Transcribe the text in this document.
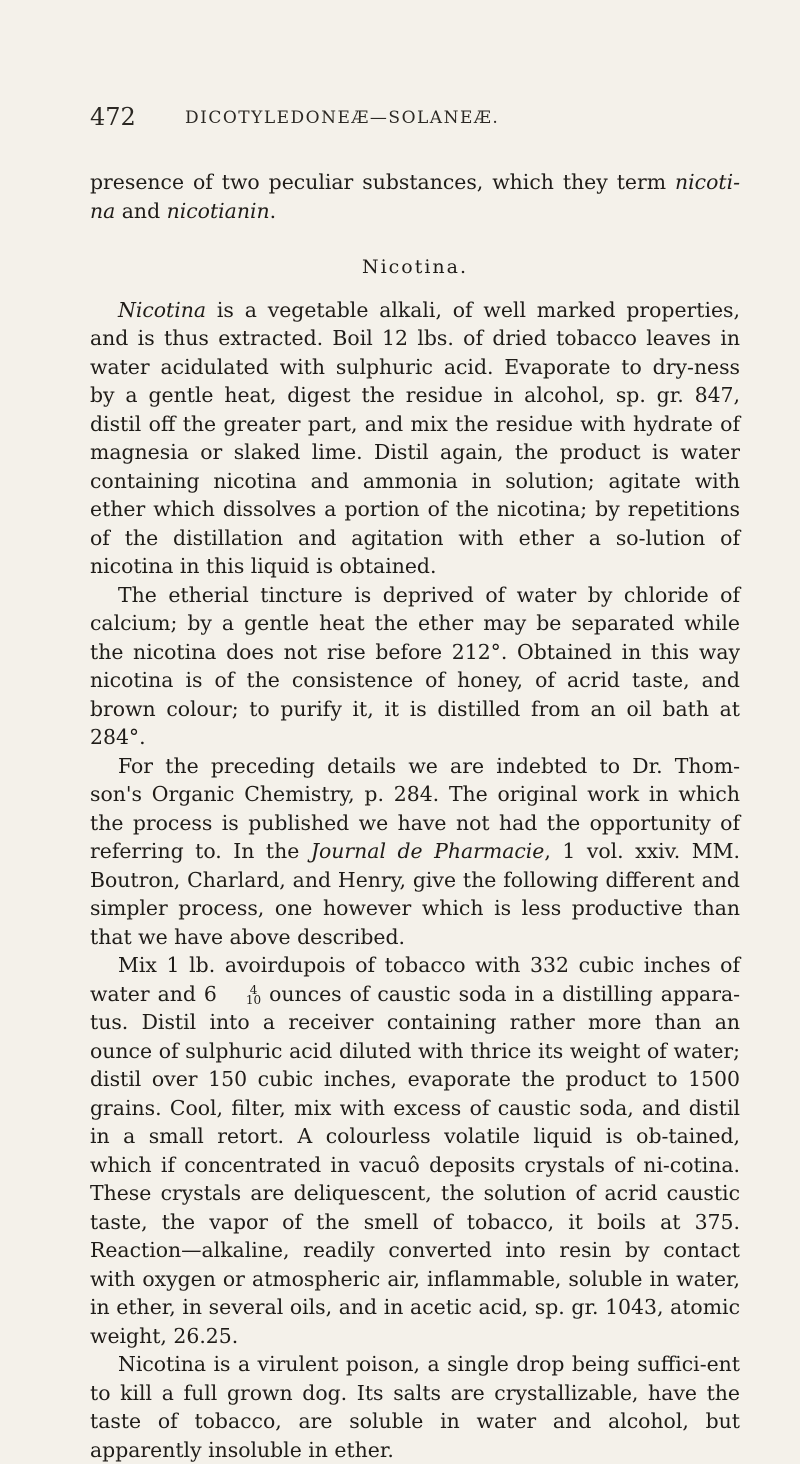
472	DICOTYLEDONEÆ—SOLANEÆ.

presence of two peculiar substances, which they term nicoti-na and nicotianin.

Nicotina.

Nicotina is a vegetable alkali, of well marked properties, and is thus extracted. Boil 12 lbs. of dried tobacco leaves in water acidulated with sulphuric acid. Evaporate to dry-ness by a gentle heat, digest the residue in alcohol, sp. gr. 847, distil off the greater part, and mix the residue with hydrate of magnesia or slaked lime. Distil again, the product is water containing nicotina and ammonia in solution; agitate with ether which dissolves a portion of the nicotina; by repetitions of the distillation and agitation with ether a so-lution of nicotina in this liquid is obtained.

The etherial tincture is deprived of water by chloride of calcium; by a gentle heat the ether may be separated while the nicotina does not rise before 212°. Obtained in this way nicotina is of the consistence of honey, of acrid taste, and brown colour; to purify it, it is distilled from an oil bath at 284°.

For the preceding details we are indebted to Dr. Thom-son's Organic Chemistry, p. 284. The original work in which the process is published we have not had the opportunity of referring to. In the Journal de Pharmacie, 1 vol. xxiv. MM. Boutron, Charlard, and Henry, give the following different and simpler process, one however which is less productive than that we have above described.

Mix 1 lb. avoirdupois of tobacco with 332 cubic inches of water and 6	4
10 ounces of caustic soda in a distilling appara-tus. Distil into a receiver containing rather more than an ounce of sulphuric acid diluted with thrice its weight of water; distil over 150 cubic inches, evaporate the product to 1500 grains. Cool, filter, mix with excess of caustic soda, and distil in a small retort. A colourless volatile liquid is ob-tained, which if concentrated in vacuô deposits crystals of ni-cotina. These crystals are deliquescent, the solution of acrid caustic taste, the vapor of the smell of tobacco, it boils at 375. Reaction—alkaline, readily converted into resin by contact with oxygen or atmospheric air, inflammable, soluble in water, in ether, in several oils, and in acetic acid, sp. gr. 1043, atomic weight, 26.25.

Nicotina is a virulent poison, a single drop being suffici-ent to kill a full grown dog. Its salts are crystallizable, have the taste of tobacco, are soluble in water and alcohol, but apparently insoluble in ether.
